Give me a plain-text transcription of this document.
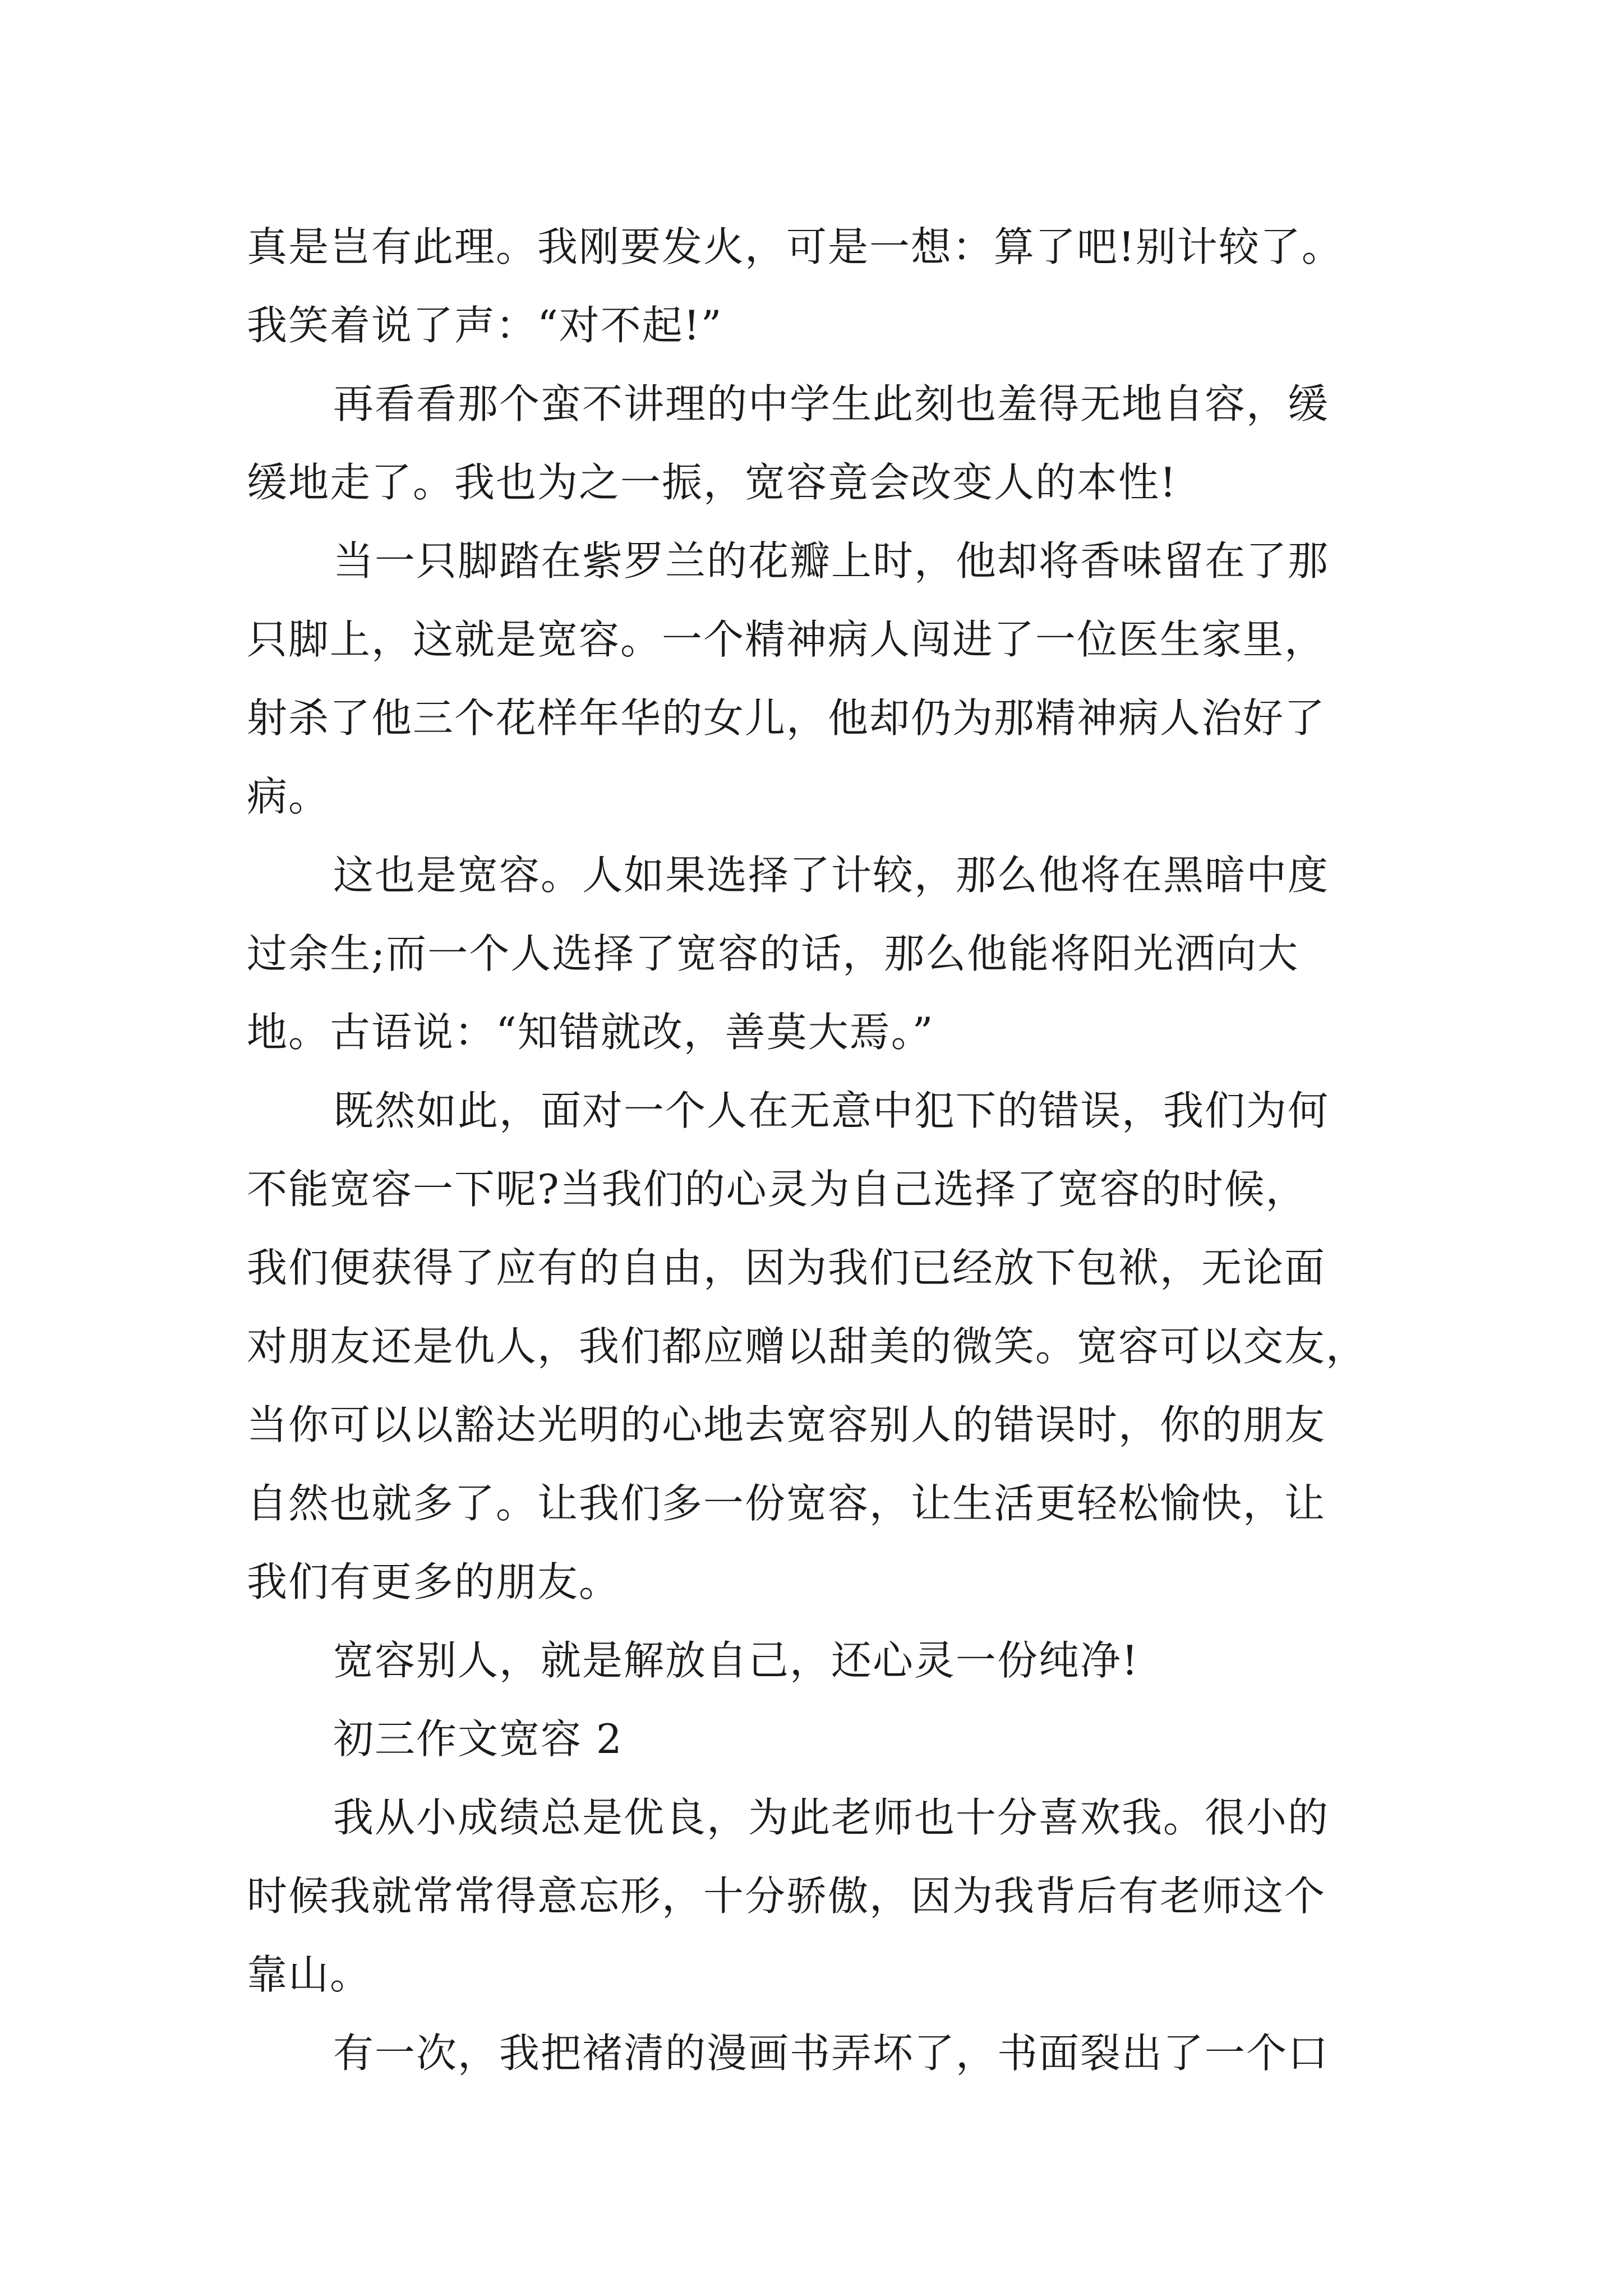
真是岂有此理。我刚要发火，可是一想：算了吧!别计较了。
我笑着说了声：“对不起!”
再看看那个蛮不讲理的中学生此刻也羞得无地自容，缓
缓地走了。我也为之一振，宽容竟会改变人的本性!
当一只脚踏在紫罗兰的花瓣上时，他却将香味留在了那
只脚上，这就是宽容。一个精神病人闯进了一位医生家里，
射杀了他三个花样年华的女儿，他却仍为那精神病人治好了
病。
这也是宽容。人如果选择了计较，那么他将在黑暗中度
过余生;而一个人选择了宽容的话，那么他能将阳光洒向大
地。古语说：“知错就改，善莫大焉。”
既然如此，面对一个人在无意中犯下的错误，我们为何
不能宽容一下呢?当我们的心灵为自己选择了宽容的时候，
我们便获得了应有的自由，因为我们已经放下包袱，无论面
对朋友还是仇人，我们都应赠以甜美的微笑。宽容可以交友，
当你可以以豁达光明的心地去宽容别人的错误时，你的朋友
自然也就多了。让我们多一份宽容，让生活更轻松愉快，让
我们有更多的朋友。
宽容别人，就是解放自己，还心灵一份纯净!
初三作文宽容 2
我从小成绩总是优良，为此老师也十分喜欢我。很小的
时候我就常常得意忘形，十分骄傲，因为我背后有老师这个
靠山。
有一次，我把褚清的漫画书弄坏了，书面裂出了一个口
